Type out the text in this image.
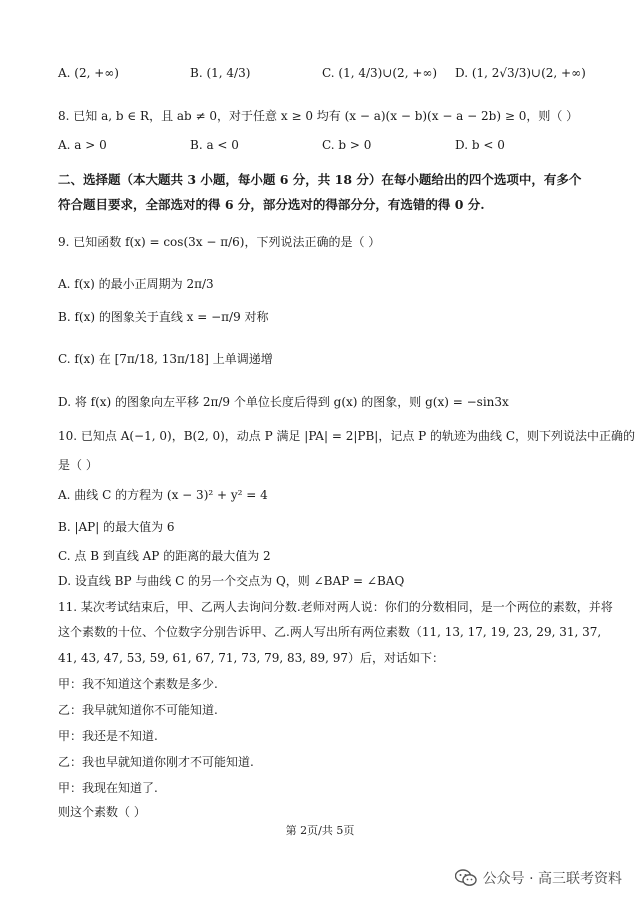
A. (2, +∞)	B. (1, 4/3)	C. (1, 4/3)∪(2, +∞) D. (1, 2√3/3)∪(2, +∞)
8. 已知 a, b ∈ R，且 ab ≠ 0，对于任意 x ≥ 0 均有 (x − a)(x − b)(x − a − 2b) ≥ 0，则（ ）
A. a > 0	B. a < 0	C. b > 0	D. b < 0
二、选择题（本大题共 3 小题，每小题 6 分，共 18 分）在每小题给出的四个选项中，有多个
符合题目要求，全部选对的得 6 分，部分选对的得部分分，有选错的得 0 分.
9. 已知函数 f(x) = cos(3x − π/6)，下列说法正确的是（ ）
A. f(x) 的最小正周期为 2π/3
B. f(x) 的图象关于直线 x = −π/9 对称
C. f(x) 在 [7π/18, 13π/18] 上单调递增
D. 将 f(x) 的图象向左平移 2π/9 个单位长度后得到 g(x) 的图象，则 g(x) = −sin3x
10. 已知点 A(−1, 0)，B(2, 0)，动点 P 满足 |PA| = 2|PB|，记点 P 的轨迹为曲线 C，则下列说法中正确的
是（ ）
A. 曲线 C 的方程为 (x − 3)² + y² = 4
B. |AP| 的最大值为 6
C. 点 B 到直线 AP 的距离的最大值为 2
D. 设直线 BP 与曲线 C 的另一个交点为 Q，则 ∠BAP = ∠BAQ
11. 某次考试结束后，甲、乙两人去询问分数.老师对两人说：你们的分数相同，是一个两位的素数，并将
这个素数的十位、个位数字分别告诉甲、乙.两人写出所有两位素数（11, 13, 17, 19, 23, 29, 31, 37,
41, 43, 47, 53, 59, 61, 67, 71, 73, 79, 83, 89, 97）后，对话如下：
甲：我不知道这个素数是多少.
乙：我早就知道你不可能知道.
甲：我还是不知道.
乙：我也早就知道你刚才不可能知道.
甲：我现在知道了.
则这个素数（ ）
第 2页/共 5页
公众号 · 高三联考资料
